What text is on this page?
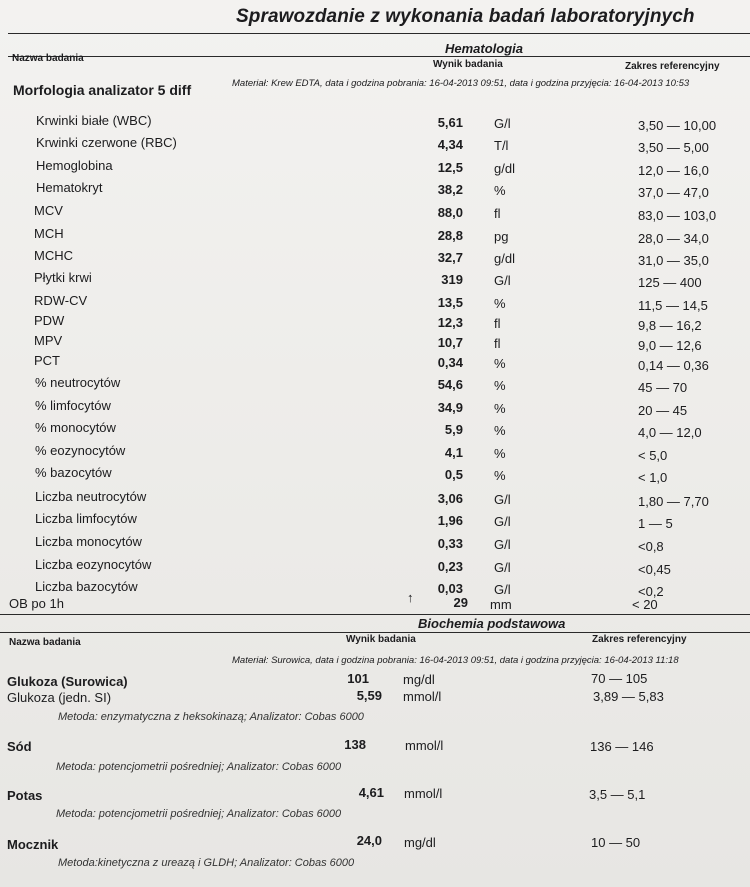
Sprawozdanie z wykonania badań laboratoryjnych
Hematologia
Nazwa badania
Wynik badania	Zakres referencyjny
Materiał: Krew EDTA, data i godzina pobrania: 16-04-2013 09:51, data i godzina przyjęcia: 16-04-2013 10:53
Morfologia analizator 5 diff
Krwinki białe (WBC)	5,61 G/l	3,50 — 10,00
Krwinki czerwone (RBC)	4,34 T/l	3,50 — 5,00
Hemoglobina	12,5 g/dl	12,0 — 16,0
Hematokryt	38,2 %	37,0 — 47,0
MCV	88,0 fl	83,0 — 103,0
MCH	28,8 pg	28,0 — 34,0
MCHC	32,7 g/dl	31,0 — 35,0
Płytki krwi	319 G/l	125 — 400
RDW-CV	13,5 %	11,5 — 14,5
PDW	12,3 fl	9,8 — 16,2
MPV	10,7 fl	9,0 — 12,6
PCT	0,34 %	0,14 — 0,36
% neutrocytów	54,6 %	45 — 70
% limfocytów	34,9 %	20 — 45
% monocytów	5,9 %	4,0 — 12,0
% eozynocytów	4,1 %	< 5,0
% bazocytów	0,5 %	< 1,0
Liczba neutrocytów	3,06 G/l	1,80 — 7,70
Liczba limfocytów	1,96 G/l	1 — 5
Liczba monocytów	0,33 G/l	<0,8
Liczba eozynocytów	0,23 G/l	<0,45
Liczba bazocytów	0,03 G/l	<0,2
OB po 1h	↑	29 mm	< 20
Biochemia podstawowa
Nazwa badania	Wynik badania	Zakres referencyjny
Materiał: Surowica, data i godzina pobrania: 16-04-2013 09:51, data i godzina przyjęcia: 16-04-2013 11:18
Glukoza (Surowica)	101	mg/dl	70 — 105
Glukoza (jedn. SI)	5,59 mmol/l	3,89 — 5,83
Metoda: enzymatyczna z heksokinazą; Analizator: Cobas 6000
Sód	138	mmol/l	136 — 146
Metoda: potencjometrii pośredniej; Analizator: Cobas 6000
Potas	4,61 mmol/l	3,5 — 5,1
Metoda: potencjometrii pośredniej; Analizator: Cobas 6000
Mocznik	24,0 mg/dl	10 — 50
Metoda:kinetyczna z ureazą i GLDH; Analizator: Cobas 6000
